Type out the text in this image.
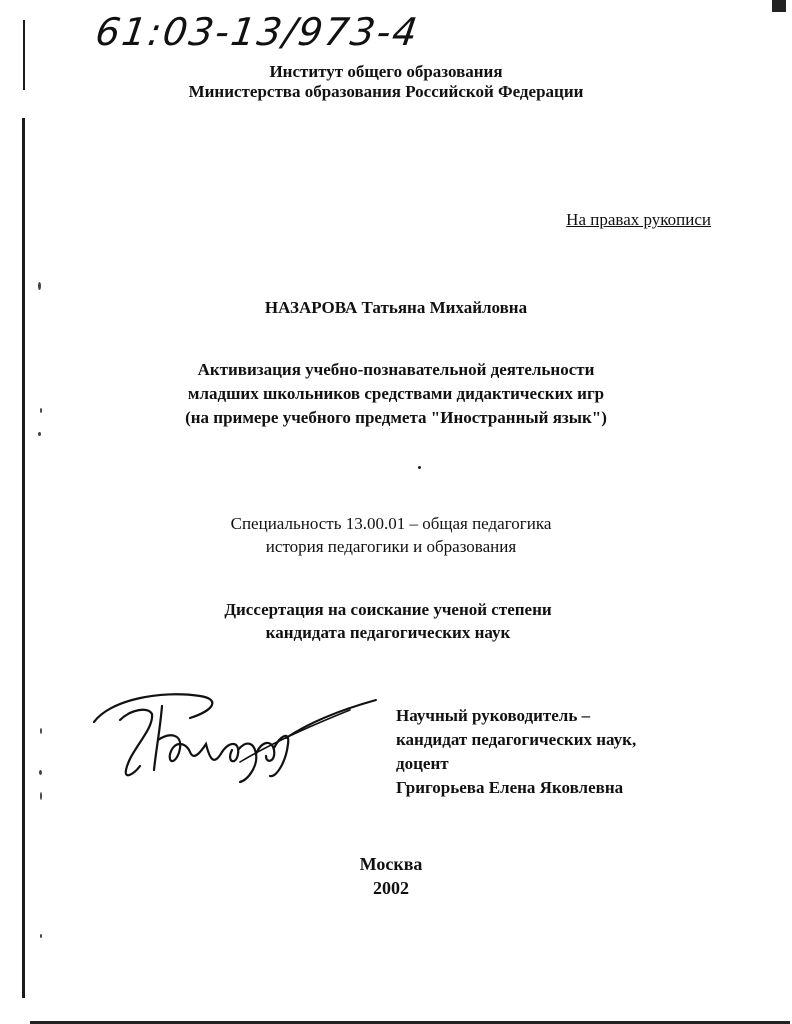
61:03-13/973-4
Институт общего образования
Министерства образования Российской Федерации
На правах рукописи
НАЗАРОВА Татьяна Михайловна
Активизация учебно-познавательной деятельности
младших школьников средствами дидактических игр
(на примере учебного предмета "Иностранный язык")
Специальность 13.00.01 – общая педагогика
история педагогики и образования
Диссертация на соискание ученой степени
кандидата педагогических наук
Научный руководитель –
кандидат педагогических наук,
доцент
Григорьева Елена Яковлевна
Москва
2002
